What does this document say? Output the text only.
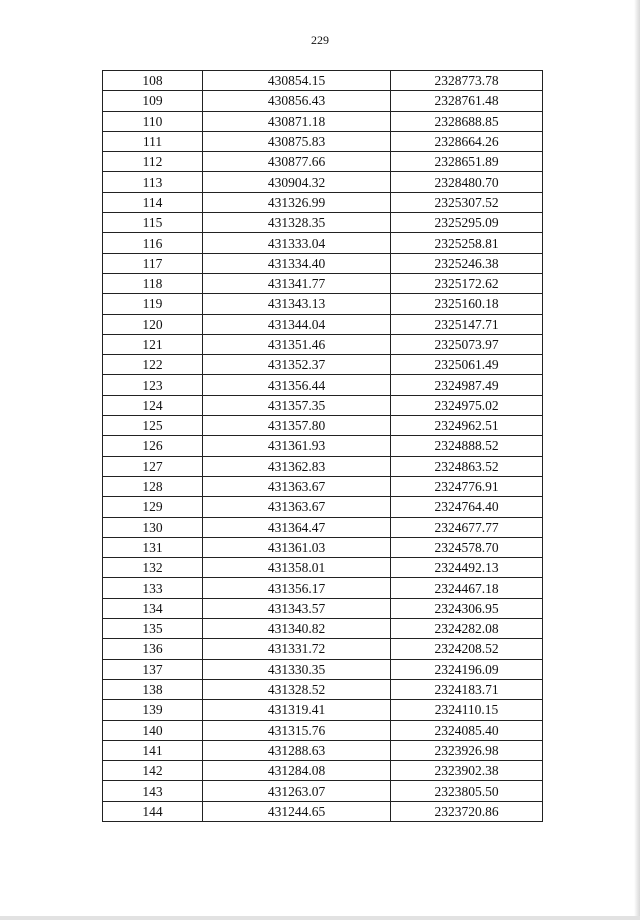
229
108	430854.15	2328773.78
109	430856.43	2328761.48
110	430871.18	2328688.85
111	430875.83	2328664.26
112	430877.66	2328651.89
113	430904.32	2328480.70
114	431326.99	2325307.52
115	431328.35	2325295.09
116	431333.04	2325258.81
117	431334.40	2325246.38
118	431341.77	2325172.62
119	431343.13	2325160.18
120	431344.04	2325147.71
121	431351.46	2325073.97
122	431352.37	2325061.49
123	431356.44	2324987.49
124	431357.35	2324975.02
125	431357.80	2324962.51
126	431361.93	2324888.52
127	431362.83	2324863.52
128	431363.67	2324776.91
129	431363.67	2324764.40
130	431364.47	2324677.77
131	431361.03	2324578.70
132	431358.01	2324492.13
133	431356.17	2324467.18
134	431343.57	2324306.95
135	431340.82	2324282.08
136	431331.72	2324208.52
137	431330.35	2324196.09
138	431328.52	2324183.71
139	431319.41	2324110.15
140	431315.76	2324085.40
141	431288.63	2323926.98
142	431284.08	2323902.38
143	431263.07	2323805.50
144	431244.65	2323720.86
